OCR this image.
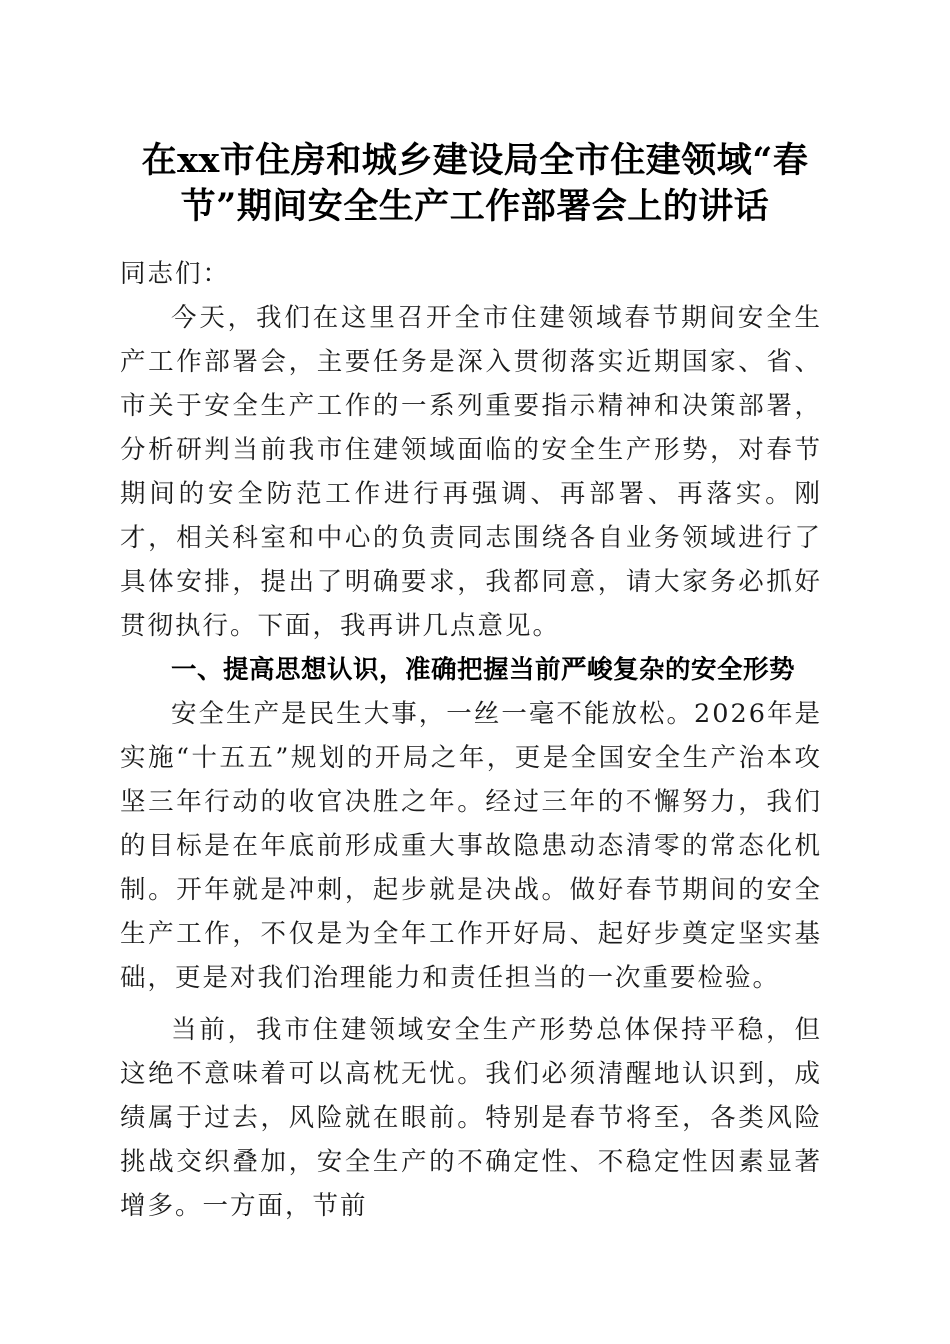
在xx市住房和城乡建设局全市住建领域“春节”期间安全生产工作部署会上的讲话

同志们：

今天，我们在这里召开全市住建领域春节期间安全生产工作部署会，主要任务是深入贯彻落实近期国家、省、市关于安全生产工作的一系列重要指示精神和决策部署，分析研判当前我市住建领域面临的安全生产形势，对春节期间的安全防范工作进行再强调、再部署、再落实。刚才，相关科室和中心的负责同志围绕各自业务领域进行了具体安排，提出了明确要求，我都同意，请大家务必抓好贯彻执行。下面，我再讲几点意见。

一、提高思想认识，准确把握当前严峻复杂的安全形势

安全生产是民生大事，一丝一毫不能放松。2026年是实施“十五五”规划的开局之年，更是全国安全生产治本攻坚三年行动的收官决胜之年。经过三年的不懈努力，我们的目标是在年底前形成重大事故隐患动态清零的常态化机制。开年就是冲刺，起步就是决战。做好春节期间的安全生产工作，不仅是为全年工作开好局、起好步奠定坚实基础，更是对我们治理能力和责任担当的一次重要检验。

当前，我市住建领域安全生产形势总体保持平稳，但这绝不意味着可以高枕无忧。我们必须清醒地认识到，成绩属于过去，风险就在眼前。特别是春节将至，各类风险挑战交织叠加，安全生产的不确定性、不稳定性因素显著增多。一方面，节前
